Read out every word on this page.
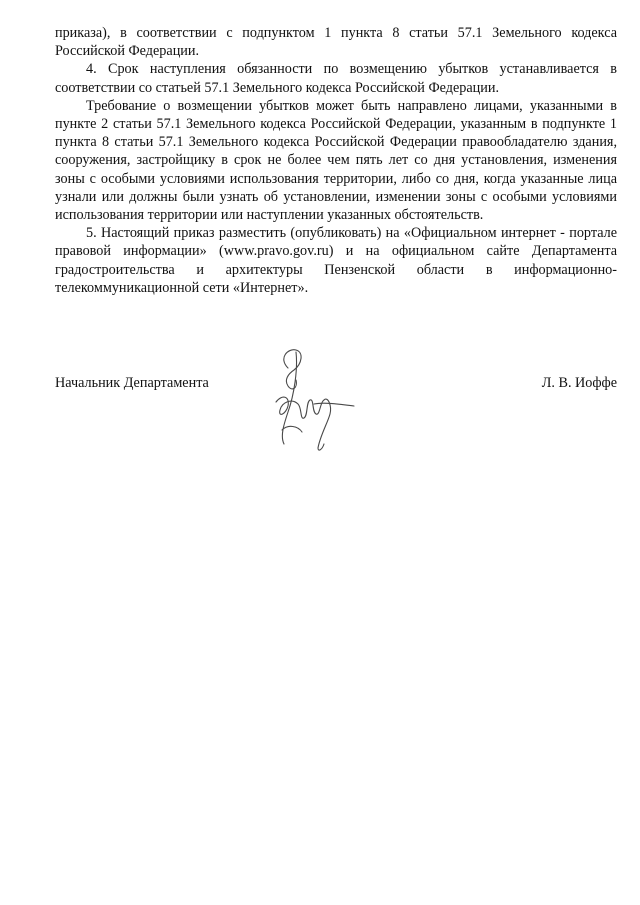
приказа), в соответствии с подпунктом 1 пункта 8 статьи 57.1 Земельного кодекса Российской Федерации.

4. Срок наступления обязанности по возмещению убытков устанавливается в соответствии со статьей 57.1 Земельного кодекса Российской Федерации.

Требование о возмещении убытков может быть направлено лицами, указанными в пункте 2 статьи 57.1 Земельного кодекса Российской Федерации, указанным в подпункте 1 пункта 8 статьи 57.1 Земельного кодекса Российской Федерации правообладателю здания, сооружения, застройщику в срок не более чем пять лет со дня установления, изменения зоны с особыми условиями использования территории, либо со дня, когда указанные лица узнали или должны были узнать об установлении, изменении зоны с особыми условиями использования территории или наступлении указанных обстоятельств.

5. Настоящий приказ разместить (опубликовать) на «Официальном интернет - портале правовой информации» (www.pravo.gov.ru) и на официальном сайте Департамента градостроительства и архитектуры Пензенской области в информационно-телекоммуникационной сети «Интернет».

Начальник Департамента	Л. В. Иоффе
